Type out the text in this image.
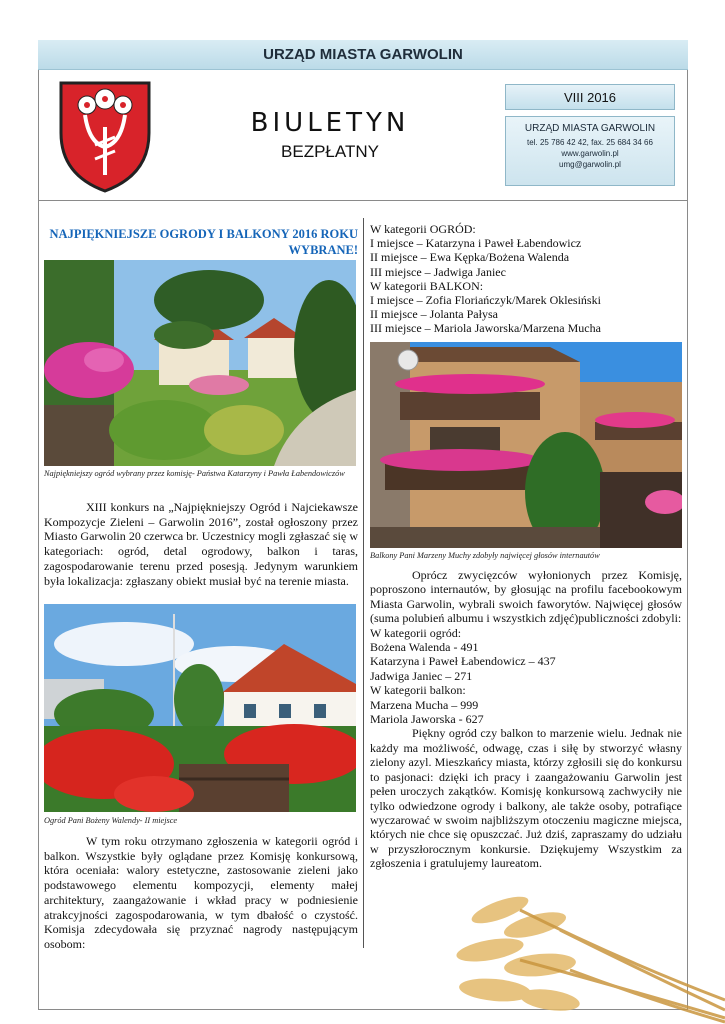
URZĄD MIASTA GARWOLIN
BIULETYN
BEZPŁATNY
VIII 2016
URZĄD MIASTA GARWOLIN
tel. 25 786 42 42, fax. 25 684 34 66
www.garwolin.pl
umg@garwolin.pl
NAJPIĘKNIEJSZE OGRODY I BALKONY 2016 ROKU WYBRANE!
Najpiękniejszy ogród wybrany przez komisję- Państwa Katarzyny i Pawła Łabendowiczów

XIII konkurs na „Najpiękniejszy Ogród i Najciekawsze Kompozycje Zieleni – Garwolin 2016”, został ogłoszony przez Miasto Garwolin 20 czerwca br. Uczestnicy mogli zgłaszać się w kategoriach: ogród, detal ogrodowy, balkon i taras, zagospodarowanie terenu przed posesją. Jedynym warunkiem była lokalizacja: zgłaszany obiekt musiał być na terenie miasta.

Ogród Pani Bożeny Walendy- II miejsce

W tym roku otrzymano zgłoszenia w kategorii ogród i balkon. Wszystkie były oglądane przez Komisję konkursową, która oceniała: walory estetyczne, zastosowanie zieleni jako podstawowego elementu kompozycji, elementy małej architektury, zaangażowanie i wkład pracy w podniesienie atrakcyjności zagospodarowania, w tym dbałość o czystość. Komisja zdecydowała się przyznać nagrody następującym osobom:

W kategorii OGRÓD:
I miejsce – Katarzyna i Paweł Łabendowicz
II miejsce – Ewa Kępka/Bożena Walenda
III miejsce – Jadwiga Janiec
W kategorii BALKON:
I miejsce – Zofia Floriańczyk/Marek Oklesiński
II miejsce – Jolanta Pałysa
III miejsce – Mariola Jaworska/Marzena Mucha
Balkony Pani Marzeny Muchy zdobyły najwięcej głosów internautów

Oprócz zwycięzców wyłonionych przez Komisję, poproszono internautów, by głosując na profilu facebookowym Miasta Garwolin, wybrali swoich faworytów. Najwięcej głosów (suma polubień albumu i wszystkich zdjęć)publiczności zdobyli:

W kategorii ogród:
Bożena Walenda - 491
Katarzyna i Paweł Łabendowicz – 437
Jadwiga Janiec – 271
W kategorii balkon:
Marzena Mucha – 999
Mariola Jaworska - 627

Piękny ogród czy balkon to marzenie wielu. Jednak nie każdy ma możliwość, odwagę, czas i siłę by stworzyć własny zielony azyl. Mieszkańcy miasta, którzy zgłosili się do konkursu to pasjonaci: dzięki ich pracy i zaangażowaniu Garwolin jest pełen uroczych zakątków. Komisję konkursową zachwyciły nie tylko odwiedzone ogrody i balkony, ale także osoby, potrafiące wyczarować w swoim najbliższym otoczeniu magiczne miejsca, których nie chce się opuszczać. Już dziś, zapraszamy do udziału w przyszłorocznym konkursie. Dziękujemy Wszystkim za zgłoszenia i gratulujemy laureatom.
